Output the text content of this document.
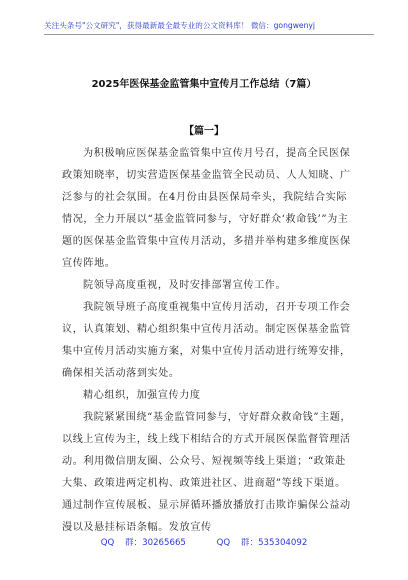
关注头条号"公文研究"，获得最新最全最专业的公文资料库！ 微信：gongwenyj
2025年医保基金监管集中宣传月工作总结（7篇）
【篇一】

为积极响应医保基金监管集中宣传月号召，提高全民医保政策知晓率，切实营造医保基金监管全民动员、人人知晓、广泛参与的社会氛围。在4月份由县医保局牵头，我院结合实际情况，全力开展以“基金监管同参与，守好群众‘救命钱’”为主题的医保基金监管集中宣传月活动，多措并举构建多维度医保宣传阵地。

院领导高度重视，及时安排部署宣传工作。

我院领导班子高度重视集中宣传月活动，召开专项工作会议，认真策划、精心组织集中宣传月活动。制定医保基金监管集中宣传月活动实施方案，对集中宣传月活动进行统筹安排，确保相关活动落到实处。

精心组织，加强宣传力度

我院紧紧围绕“基金监管同参与，守好群众救命钱”主题，以线上宣传为主，线上线下相结合的方式开展医保监督管理活动。利用微信朋友圈、公众号、短视频等线上渠道；“政策赴大集、政策进两定机构、政策进社区、进商超”等线下渠道。通过制作宣传展板、显示屏循环播放播放打击欺诈骗保公益动漫以及悬挂标语条幅。发放宣传

QQ 群：30265665	QQ 群：535304092
